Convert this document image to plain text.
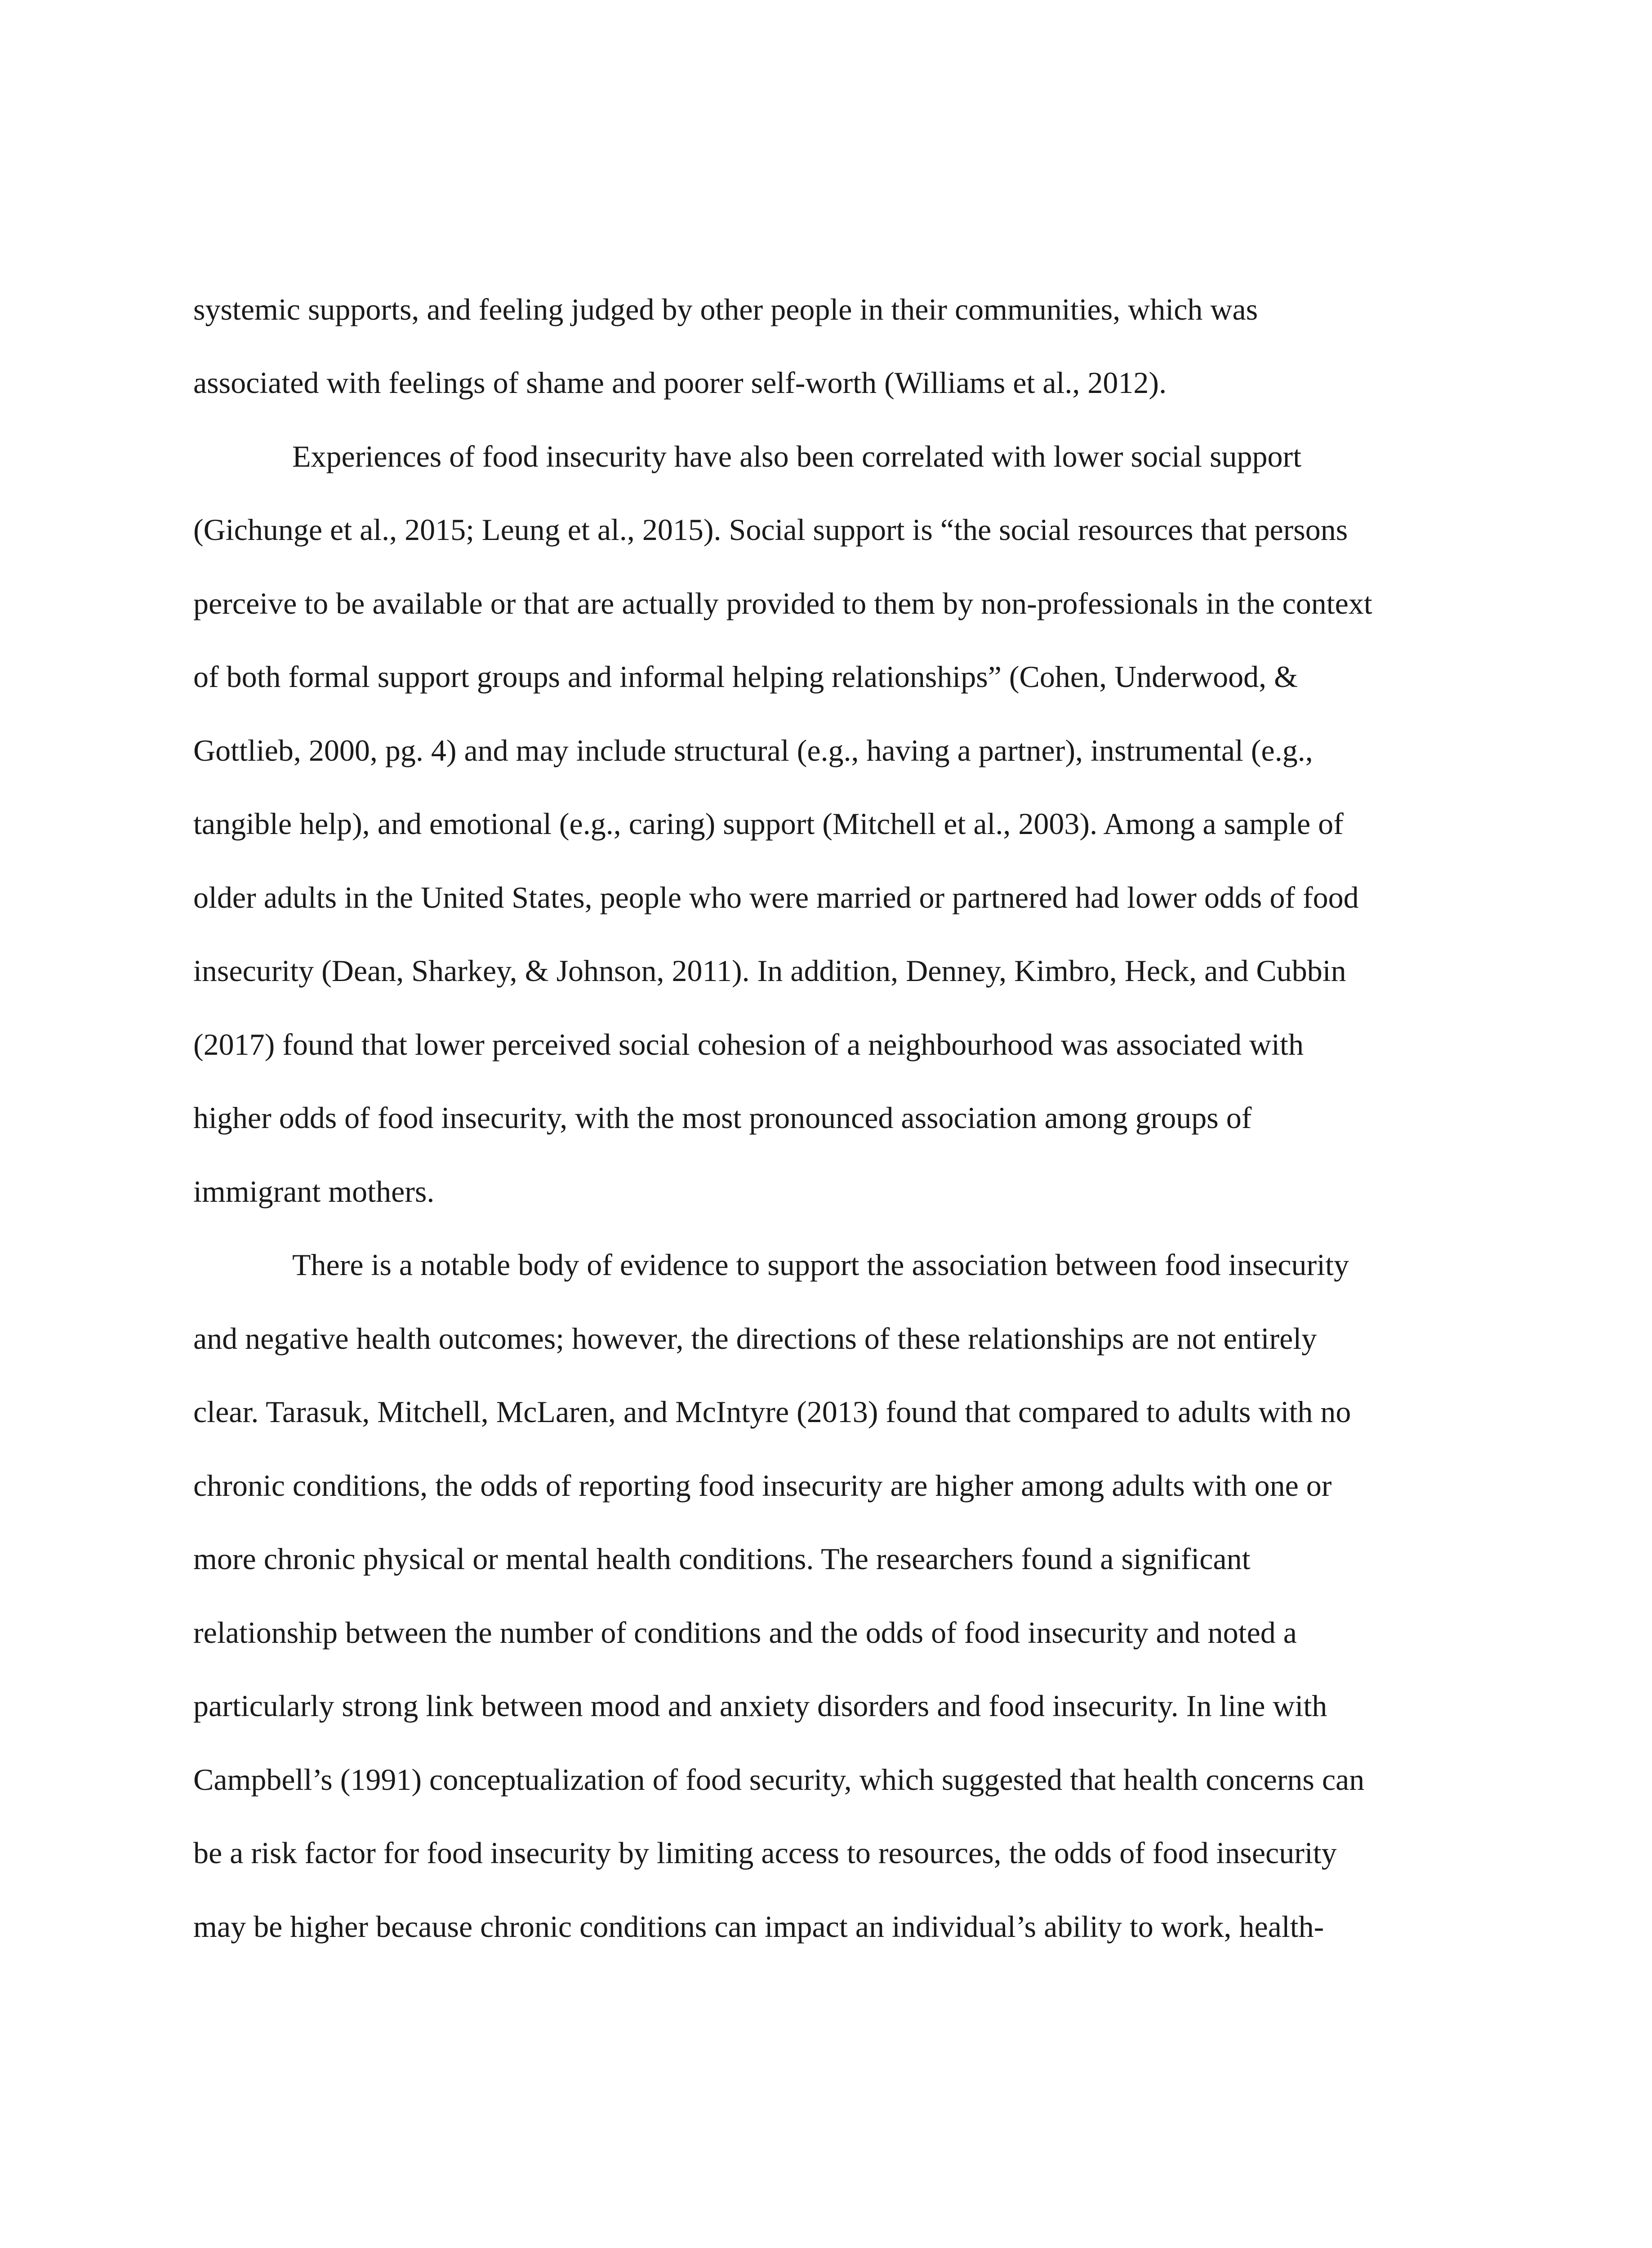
systemic supports, and feeling judged by other people in their communities, which was
associated with feelings of shame and poorer self-worth (Williams et al., 2012).
Experiences of food insecurity have also been correlated with lower social support
(Gichunge et al., 2015; Leung et al., 2015). Social support is “the social resources that persons
perceive to be available or that are actually provided to them by non-professionals in the context
of both formal support groups and informal helping relationships” (Cohen, Underwood, &
Gottlieb, 2000, pg. 4) and may include structural (e.g., having a partner), instrumental (e.g.,
tangible help), and emotional (e.g., caring) support (Mitchell et al., 2003). Among a sample of
older adults in the United States, people who were married or partnered had lower odds of food
insecurity (Dean, Sharkey, & Johnson, 2011). In addition, Denney, Kimbro, Heck, and Cubbin
(2017) found that lower perceived social cohesion of a neighbourhood was associated with
higher odds of food insecurity, with the most pronounced association among groups of
immigrant mothers.
There is a notable body of evidence to support the association between food insecurity
and negative health outcomes; however, the directions of these relationships are not entirely
clear. Tarasuk, Mitchell, McLaren, and McIntyre (2013) found that compared to adults with no
chronic conditions, the odds of reporting food insecurity are higher among adults with one or
more chronic physical or mental health conditions. The researchers found a significant
relationship between the number of conditions and the odds of food insecurity and noted a
particularly strong link between mood and anxiety disorders and food insecurity. In line with
Campbell’s (1991) conceptualization of food security, which suggested that health concerns can
be a risk factor for food insecurity by limiting access to resources, the odds of food insecurity
may be higher because chronic conditions can impact an individual’s ability to work, health-
